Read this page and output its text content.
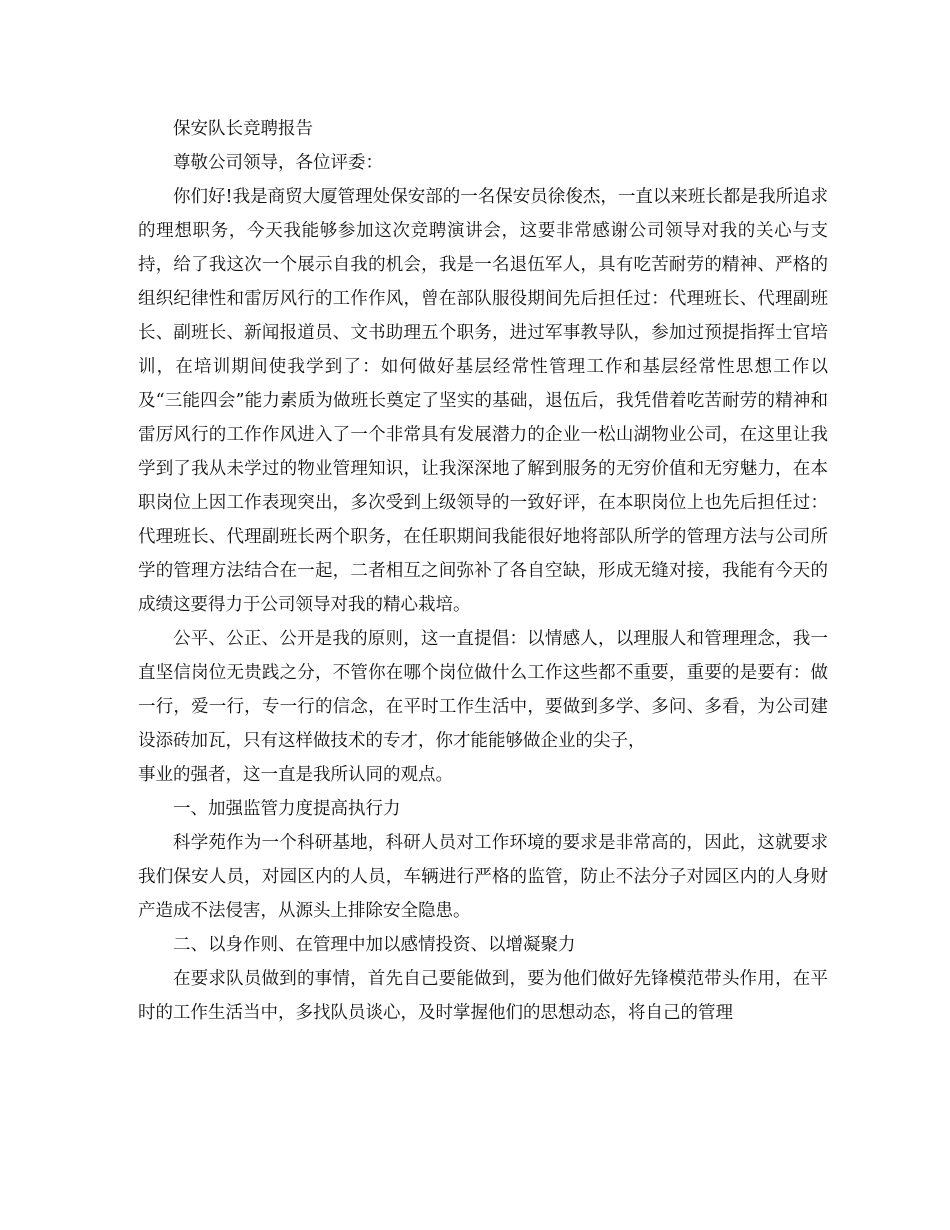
保安队长竞聘报告

尊敬公司领导，各位评委：

你们好!我是商贸大厦管理处保安部的一名保安员徐俊杰，一直以来班长都是我所追求的理想职务，今天我能够参加这次竞聘演讲会，这要非常感谢公司领导对我的关心与支持，给了我这次一个展示自我的机会，我是一名退伍军人，具有吃苦耐劳的精神、严格的组织纪律性和雷厉风行的工作作风，曾在部队服役期间先后担任过：代理班长、代理副班长、副班长、新闻报道员、文书助理五个职务，进过军事教导队，参加过预提指挥士官培训，在培训期间使我学到了：如何做好基层经常性管理工作和基层经常性思想工作以及“三能四会”能力素质为做班长奠定了坚实的基础，退伍后，我凭借着吃苦耐劳的精神和雷厉风行的工作作风进入了一个非常具有发展潜力的企业一松山湖物业公司，在这里让我学到了我从未学过的物业管理知识，让我深深地了解到服务的无穷价值和无穷魅力，在本职岗位上因工作表现突出，多次受到上级领导的一致好评，在本职岗位上也先后担任过：代理班长、代理副班长两个职务，在任职期间我能很好地将部队所学的管理方法与公司所学的管理方法结合在一起，二者相互之间弥补了各自空缺，形成无缝对接，我能有今天的成绩这要得力于公司领导对我的精心栽培。

公平、公正、公开是我的原则，这一直提倡：以情感人，以理服人和管理理念，我一直坚信岗位无贵践之分，不管你在哪个岗位做什么工作这些都不重要，重要的是要有：做一行，爱一行，专一行的信念，在平时工作生活中，要做到多学、多问、多看，为公司建设添砖加瓦，只有这样做技术的专才，你才能能够做企业的尖子，

事业的强者，这一直是我所认同的观点。

一、加强监管力度提高执行力

科学苑作为一个科研基地，科研人员对工作环境的要求是非常高的，因此，这就要求我们保安人员，对园区内的人员，车辆进行严格的监管，防止不法分子对园区内的人身财产造成不法侵害，从源头上排除安全隐患。

二、以身作则、在管理中加以感情投资、以增凝聚力

在要求队员做到的事情，首先自己要能做到，要为他们做好先锋模范带头作用，在平时的工作生活当中，多找队员谈心，及时掌握他们的思想动态，将自己的管理
